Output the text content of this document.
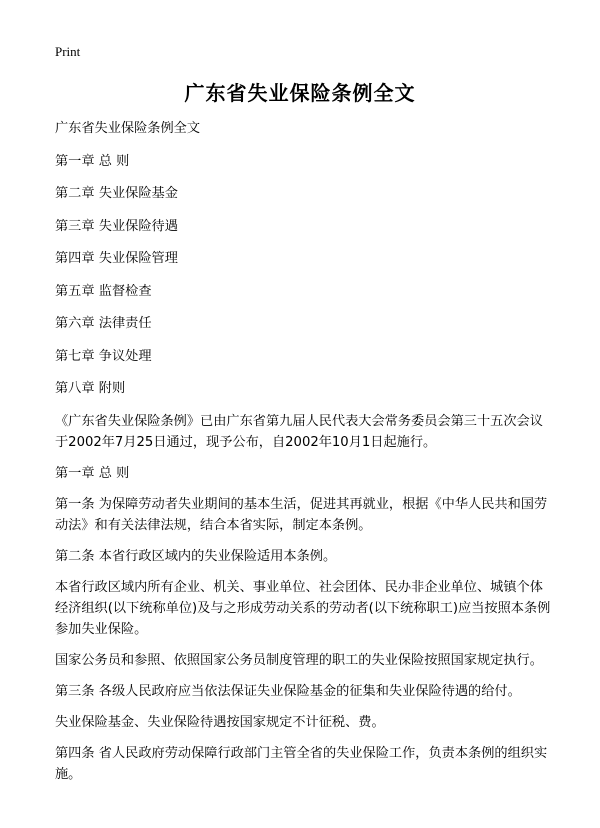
Print
广东省失业保险条例全文

广东省失业保险条例全文

第一章 总 则

第二章 失业保险基金

第三章 失业保险待遇

第四章 失业保险管理

第五章 监督检查

第六章 法律责任

第七章 争议处理

第八章 附则

《广东省失业保险条例》已由广东省第九届人民代表大会常务委员会第三十五次会议于2002年7月25日通过，现予公布，自2002年10月1日起施行。

第一章 总 则

第一条 为保障劳动者失业期间的基本生活，促进其再就业，根据《中华人民共和国劳动法》和有关法律法规，结合本省实际，制定本条例。

第二条 本省行政区域内的失业保险适用本条例。

本省行政区域内所有企业、机关、事业单位、社会团体、民办非企业单位、城镇个体经济组织(以下统称单位)及与之形成劳动关系的劳动者(以下统称职工)应当按照本条例参加失业保险。

国家公务员和参照、依照国家公务员制度管理的职工的失业保险按照国家规定执行。

第三条 各级人民政府应当依法保证失业保险基金的征集和失业保险待遇的给付。

失业保险基金、失业保险待遇按国家规定不计征税、费。

第四条 省人民政府劳动保障行政部门主管全省的失业保险工作，负责本条例的组织实施。
